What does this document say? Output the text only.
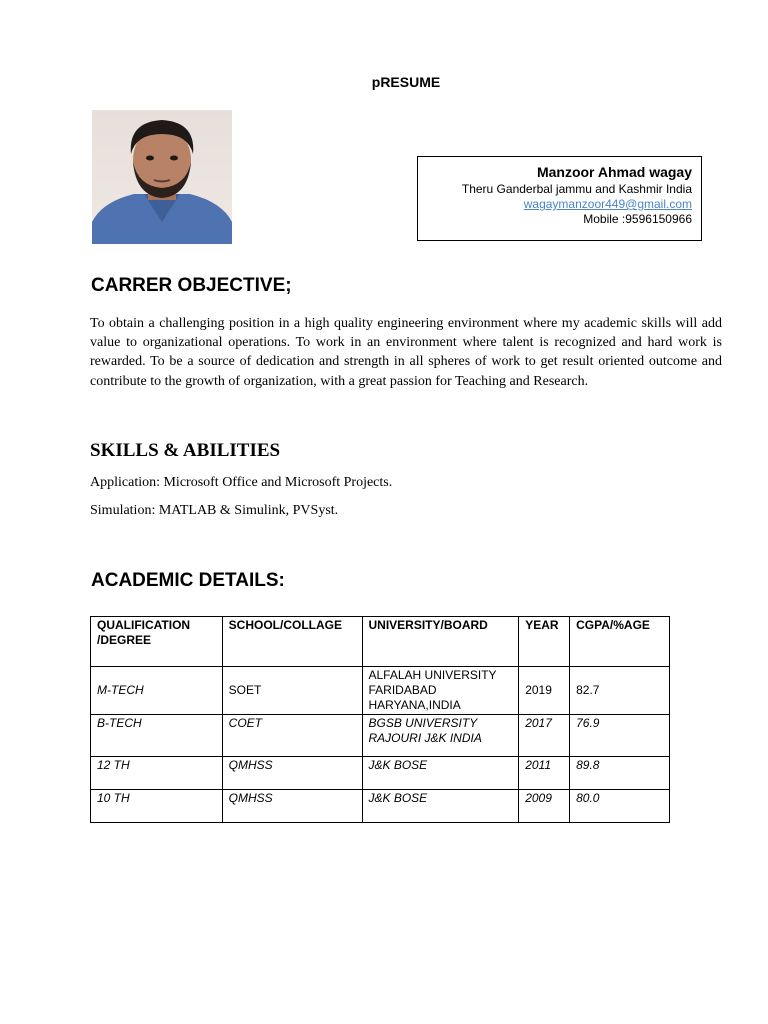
pRESUME
Manzoor Ahmad wagay
Theru Ganderbal jammu and Kashmir India
wagaymanzoor449@gmail.com
Mobile :9596150966
CARRER OBJECTIVE;

To obtain a challenging position in a high quality engineering environment where my academic skills will add value to organizational operations. To work in an environment where talent is recognized and hard work is rewarded. To be a source of dedication and strength in all spheres of work to get result oriented outcome and contribute to the growth of organization, with a great passion for Teaching and Research.

SKILLS & ABILITIES

Application: Microsoft Office and Microsoft Projects.

Simulation: MATLAB & Simulink, PVSyst.

ACADEMIC DETAILS:
QUALIFICATION /DEGREE	SCHOOL/COLLAGE	UNIVERSITY/BOARD	YEAR	CGPA/%AGE
M-TECH	SOET	ALFALAH UNIVERSITY FARIDABAD HARYANA,INDIA	2019	82.7
B-TECH	COET	BGSB UNIVERSITY RAJOURI J&K INDIA	2017	76.9
12 TH	QMHSS	J&K BOSE	2011	89.8
10 TH	QMHSS	J&K BOSE	2009	80.0
